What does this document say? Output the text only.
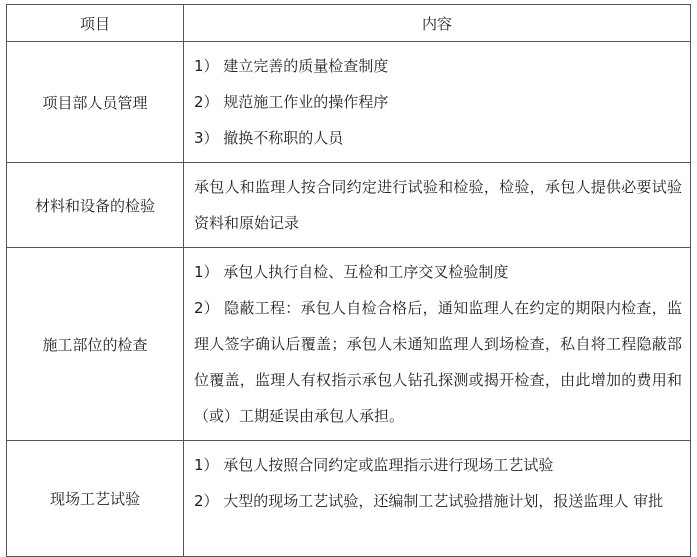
项目	内容
项目部人员管理	1） 建立完善的质量检查制度
2） 规范施工作业的操作程序
3） 撤换不称职的人员

材料和设备的检验	承包人和监理人按合同约定进行试验和检验，检验，承包人提供必要试验资料和原始记录

施工部位的检查	1） 承包人执行自检、互检和工序交叉检验制度
2） 隐蔽工程：承包人自检合格后，通知监理人在约定的期限内检查，监理人签字确认后覆盖；承包人未通知监理人到场检查，私自将工程隐蔽部位覆盖，监理人有权指示承包人钻孔探测或揭开检查，由此增加的费用和（或）工期延误由承包人承担。

现场工艺试验	1） 承包人按照合同约定或监理指示进行现场工艺试验
2） 大型的现场工艺试验，还编制工艺试验措施计划，报送监理人 审批
